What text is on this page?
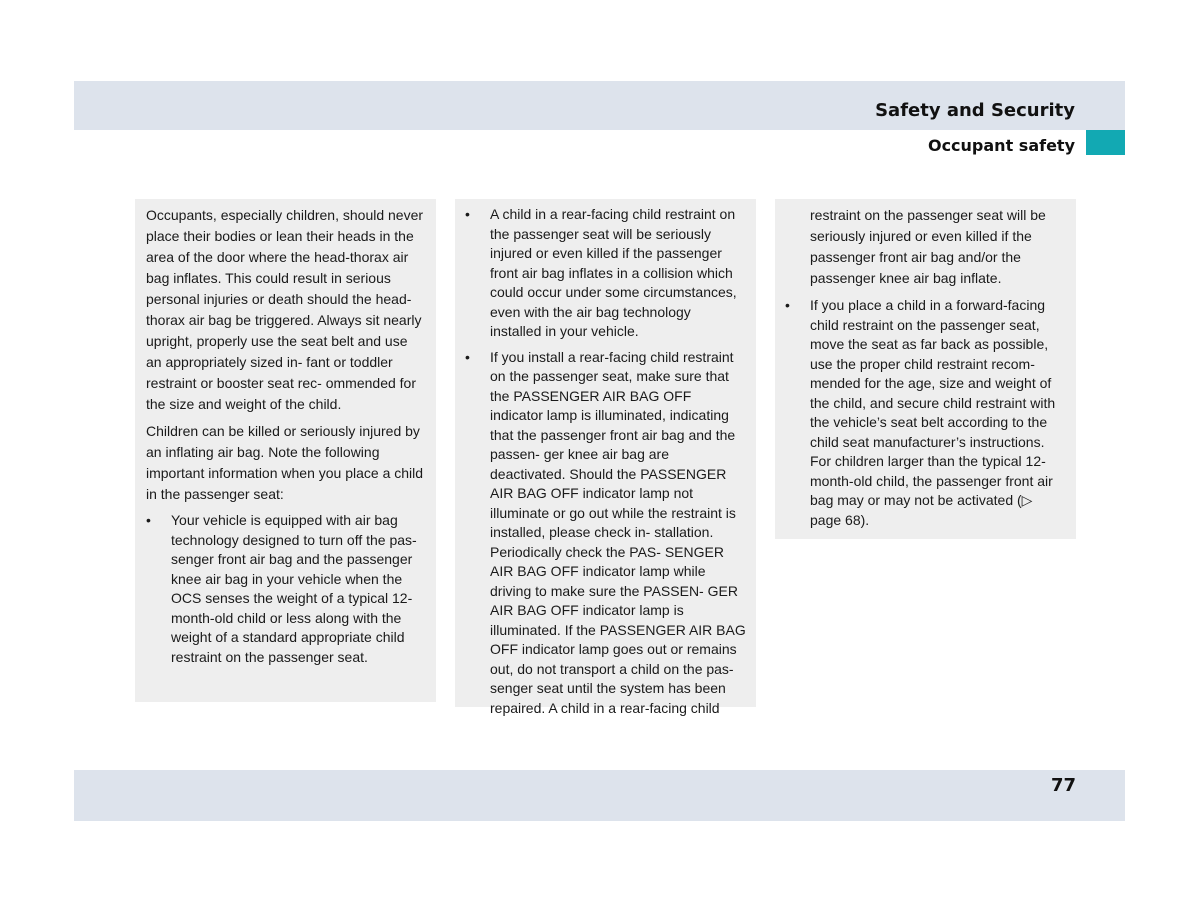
Safety and Security
Occupant safety

Occupants, especially children, should never place their bodies or lean their heads in the area of the door where the head-thorax air bag inflates. This could result in serious personal injuries or death should the head-thorax air bag be triggered. Always sit nearly upright, properly use the seat belt and use an appropriately sized in- fant or toddler restraint or booster seat rec- ommended for the size and weight of the child.

Children can be killed or seriously injured by an inflating air bag. Note the following important information when you place a child in the passenger seat:

•	Your vehicle is equipped with air bag technology designed to turn off the pas- senger front air bag and the passenger knee air bag in your vehicle when the OCS senses the weight of a typical 12-month-old child or less along with the weight of a standard appropriate child restraint on the passenger seat.
•	A child in a rear-facing child restraint on the passenger seat will be seriously injured or even killed if the passenger front air bag inflates in a collision which could occur under some circumstances, even with the air bag technology installed in your vehicle.
•	If you install a rear-facing child restraint on the passenger seat, make sure that the PASSENGER AIR BAG OFF indicator lamp is illuminated, indicating that the passenger front air bag and the passen- ger knee air bag are deactivated. Should the PASSENGER AIR BAG OFF indicator lamp not illuminate or go out while the restraint is installed, please check in- stallation. Periodically check the PAS- SENGER AIR BAG OFF indicator lamp while driving to make sure the PASSEN- GER AIR BAG OFF indicator lamp is illuminated. If the PASSENGER AIR BAG OFF indicator lamp goes out or remains out, do not transport a child on the pas- senger seat until the system has been repaired. A child in a rear-facing child

restraint on the passenger seat will be seriously injured or even killed if the passenger front air bag and/or the passenger knee air bag inflate.

•	If you place a child in a forward-facing child restraint on the passenger seat, move the seat as far back as possible, use the proper child restraint recom- mended for the age, size and weight of the child, and secure child restraint with the vehicle’s seat belt according to the child seat manufacturer’s instructions. For children larger than the typical 12-month-old child, the passenger front air bag may or may not be activated (▷ page 68).
77
